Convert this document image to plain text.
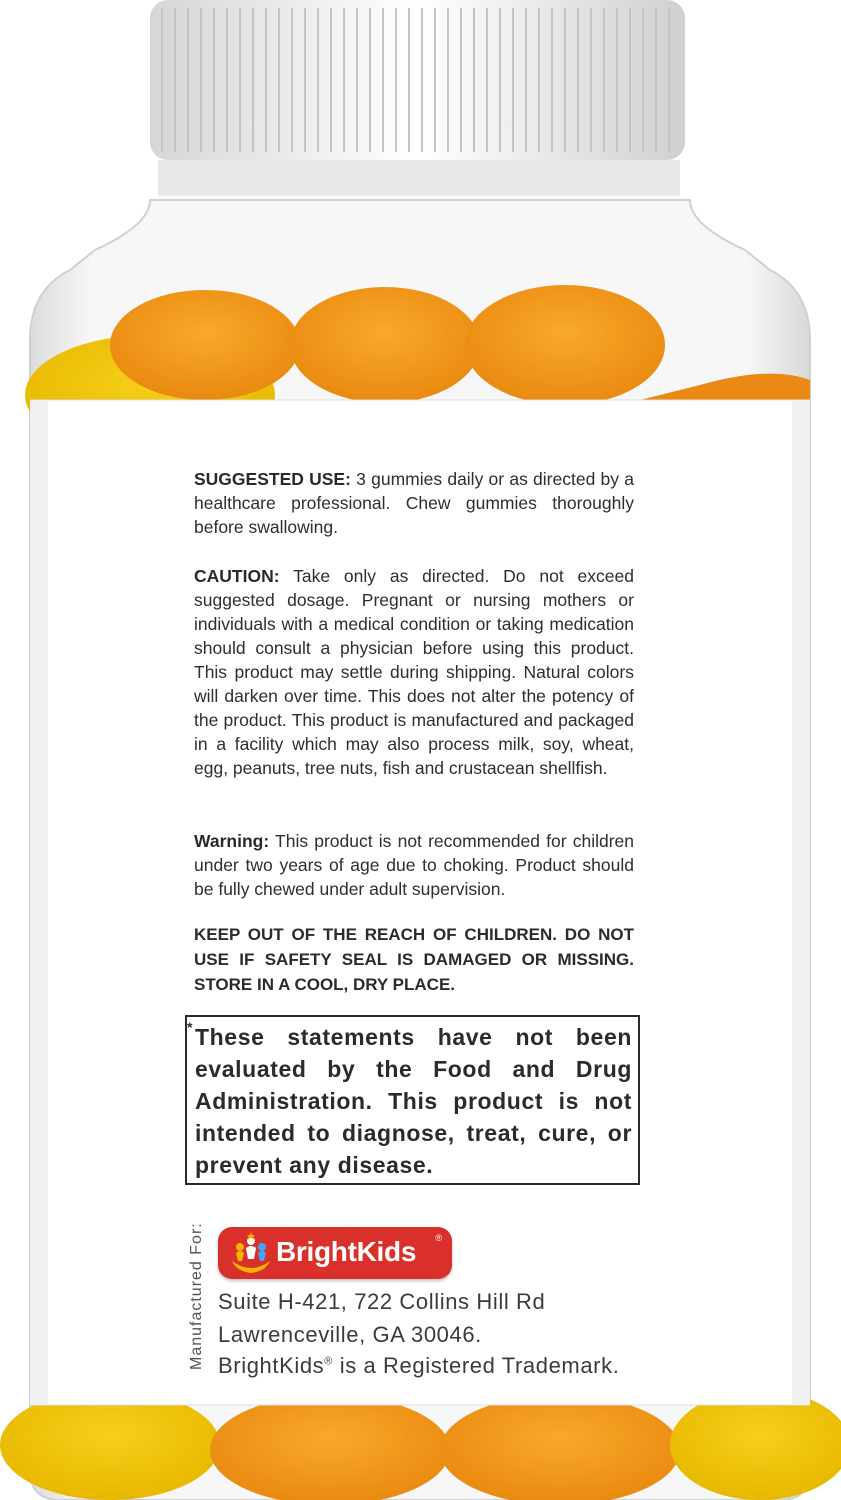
SUGGESTED USE: 3 gummies daily or as directed by a healthcare professional. Chew gummies thoroughly before swallowing.
CAUTION: Take only as directed. Do not exceed suggested dosage. Pregnant or nursing mothers or individuals with a medical condition or taking medication should consult a physician before using this product. This product may settle during shipping. Natural colors will darken over time. This does not alter the potency of the product. This product is manufactured and packaged in a facility which may also process milk, soy, wheat, egg, peanuts, tree nuts, fish and crustacean shellfish.
Warning: This product is not recommended for children under two years of age due to choking. Product should be fully chewed under adult supervision.
KEEP OUT OF THE REACH OF CHILDREN. DO NOT USE IF SAFETY SEAL IS DAMAGED OR MISSING. STORE IN A COOL, DRY PLACE.
* These statements have not been evaluated by the Food and Drug Administration. This product is not intended to diagnose, treat, cure, or prevent any disease.
Manufactured For:	BrightKids ®
Suite H-421, 722 Collins Hill Rd
Lawrenceville, GA 30046.
BrightKids® is a Registered Trademark.
